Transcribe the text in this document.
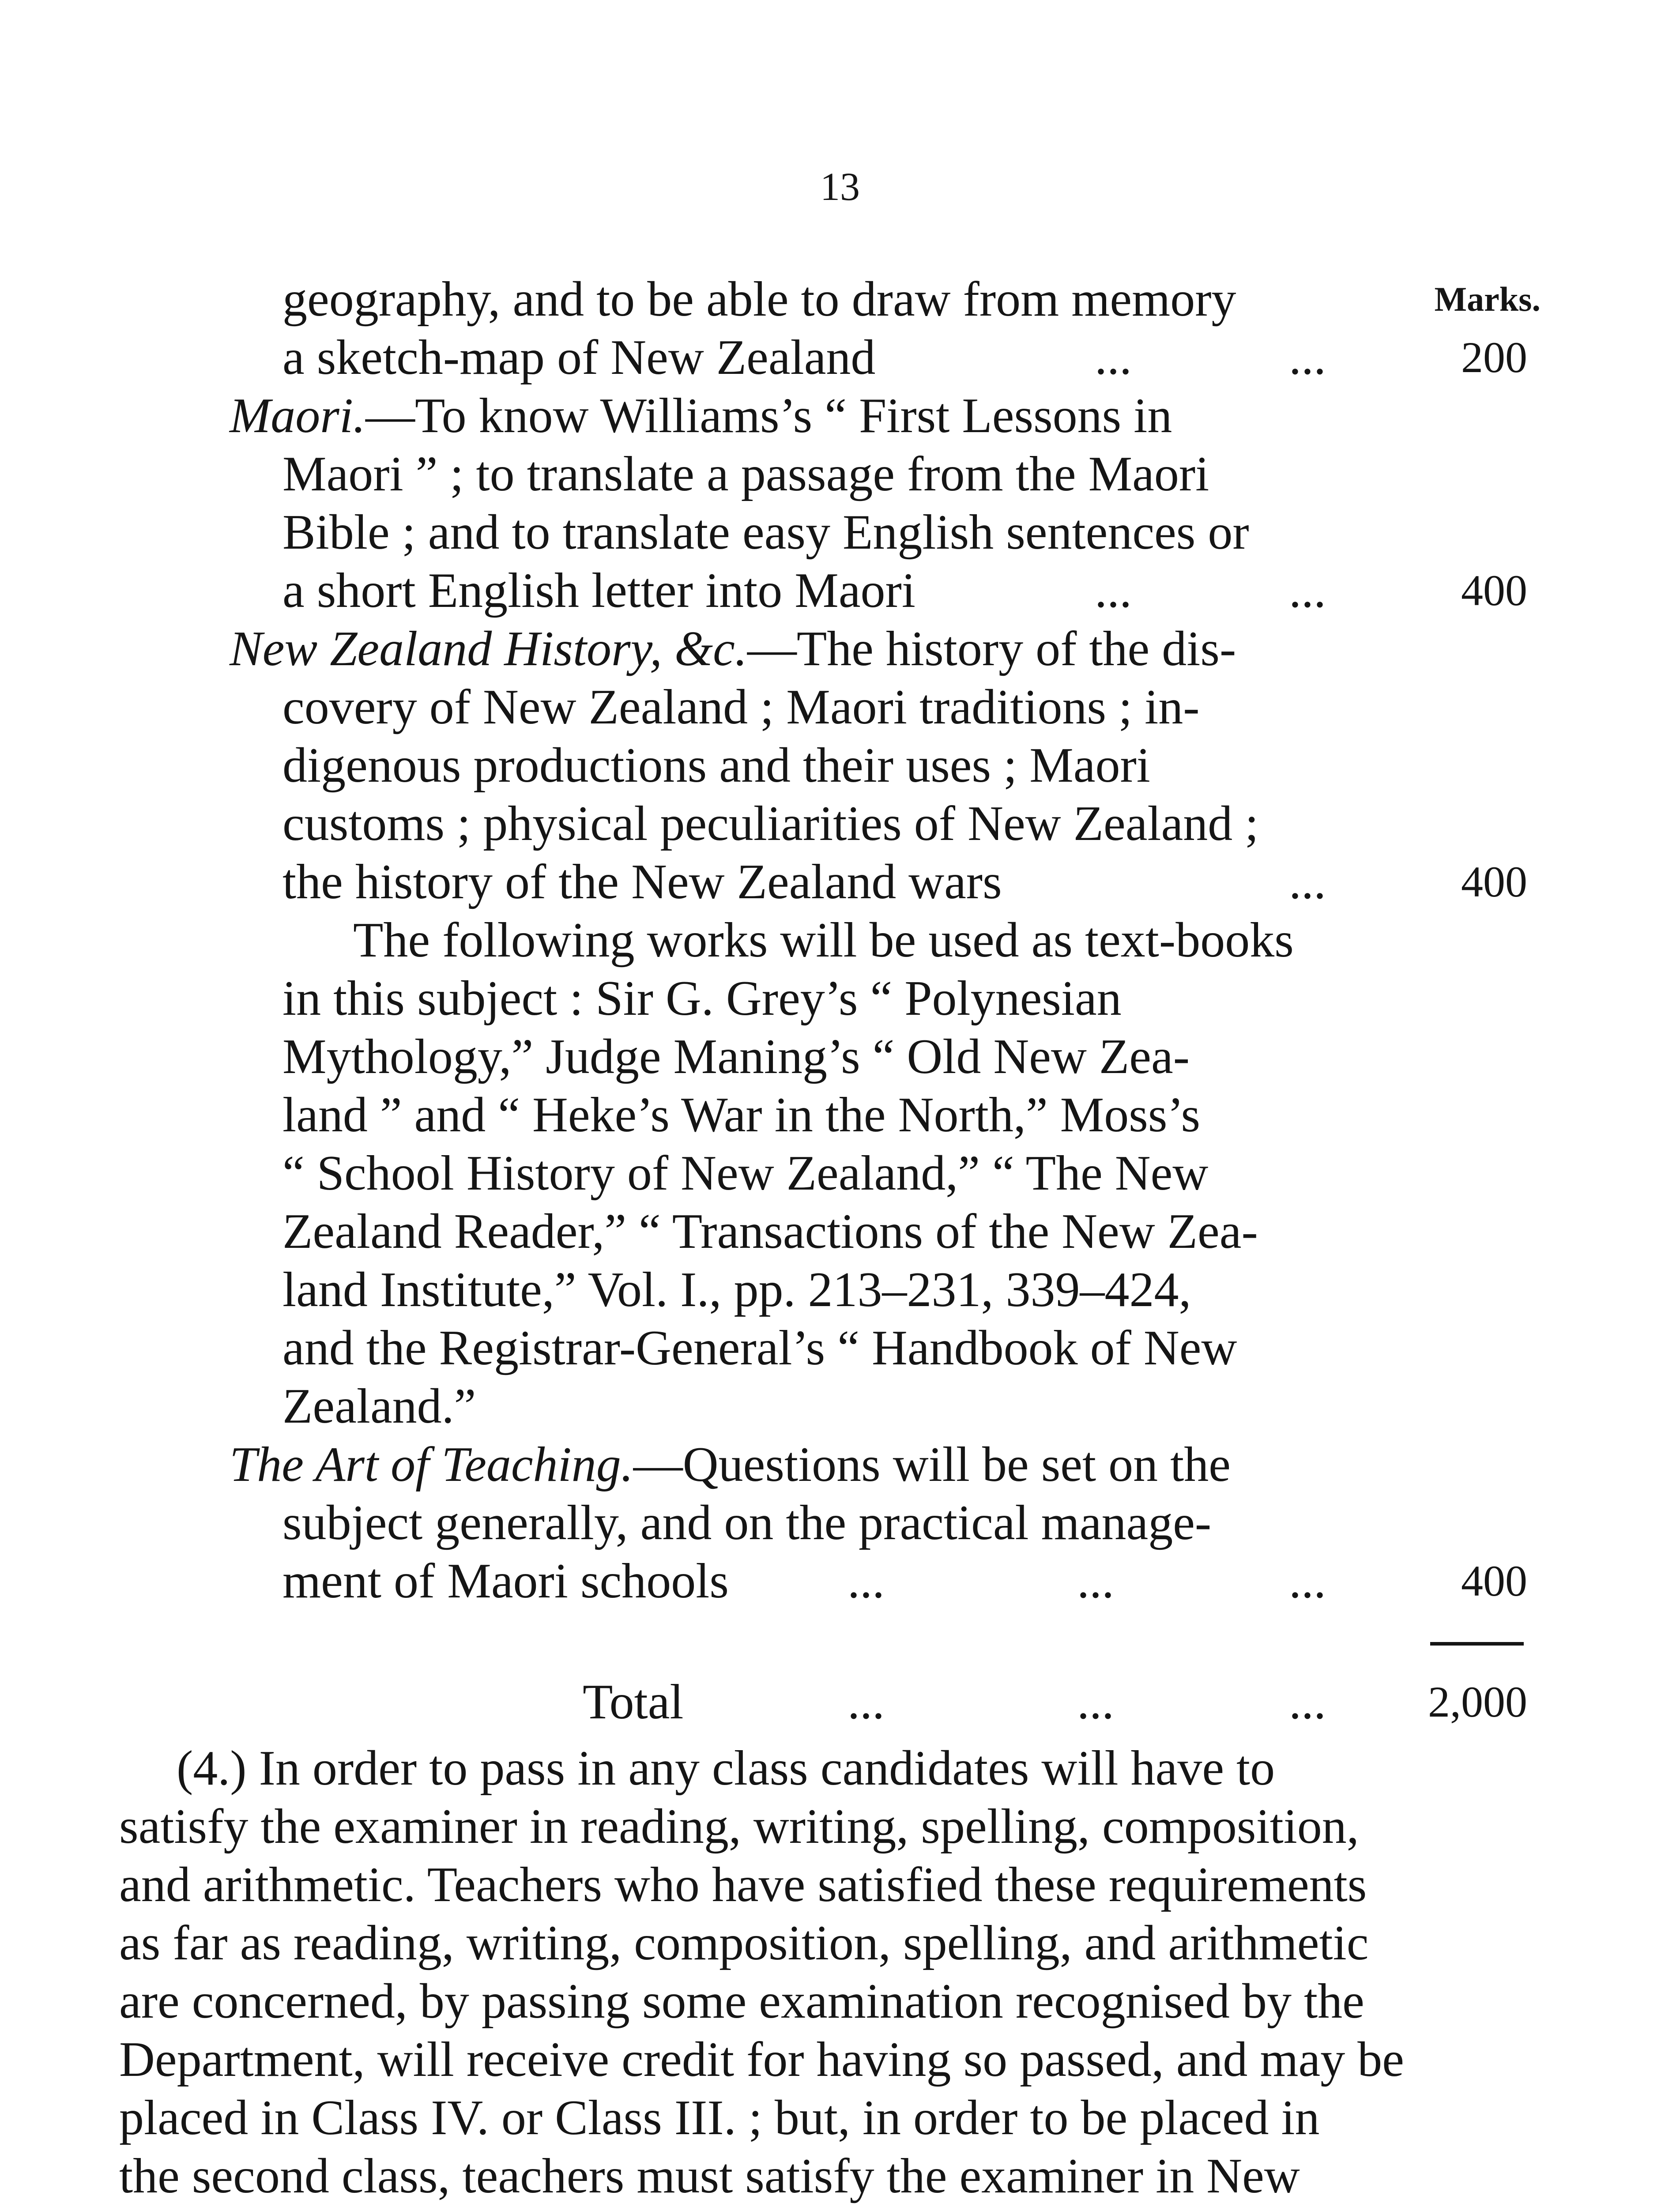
13
Marks.
geography, and to be able to draw from memory
a sketch-map of New Zealand	...	...	200
Maori.—To know Williams’s “ First Lessons in
Maori ” ; to translate a passage from the Maori
Bible ; and to translate easy English sentences or
a short English letter into Maori	...	...	400
New Zealand History, &c.—The history of the dis-
covery of New Zealand ; Maori traditions ; in-
digenous productions and their uses ; Maori
customs ; physical peculiarities of New Zealand ;
the history of the New Zealand wars	...	400
The following works will be used as text-books
in this subject : Sir G. Grey’s “ Polynesian
Mythology,” Judge Maning’s “ Old New Zea-
land ” and “ Heke’s War in the North,” Moss’s
“ School History of New Zealand,” “ The New
Zealand Reader,” “ Transactions of the New Zea-
land Institute,” Vol. I., pp. 213–231, 339–424,
and the Registrar-General’s “ Handbook of New
Zealand.”
The Art of Teaching.—Questions will be set on the
subject generally, and on the practical manage-
ment of Maori schools ...	...	...	400
Total	...	...	... 2,000
(4.) In order to pass in any class candidates will have to
satisfy the examiner in reading, writing, spelling, composition,
and arithmetic. Teachers who have satisfied these requirements
as far as reading, writing, composition, spelling, and arithmetic
are concerned, by passing some examination recognised by the
Department, will receive credit for having so passed, and may be
placed in Class IV. or Class III. ; but, in order to be placed in
the second class, teachers must satisfy the examiner in New
